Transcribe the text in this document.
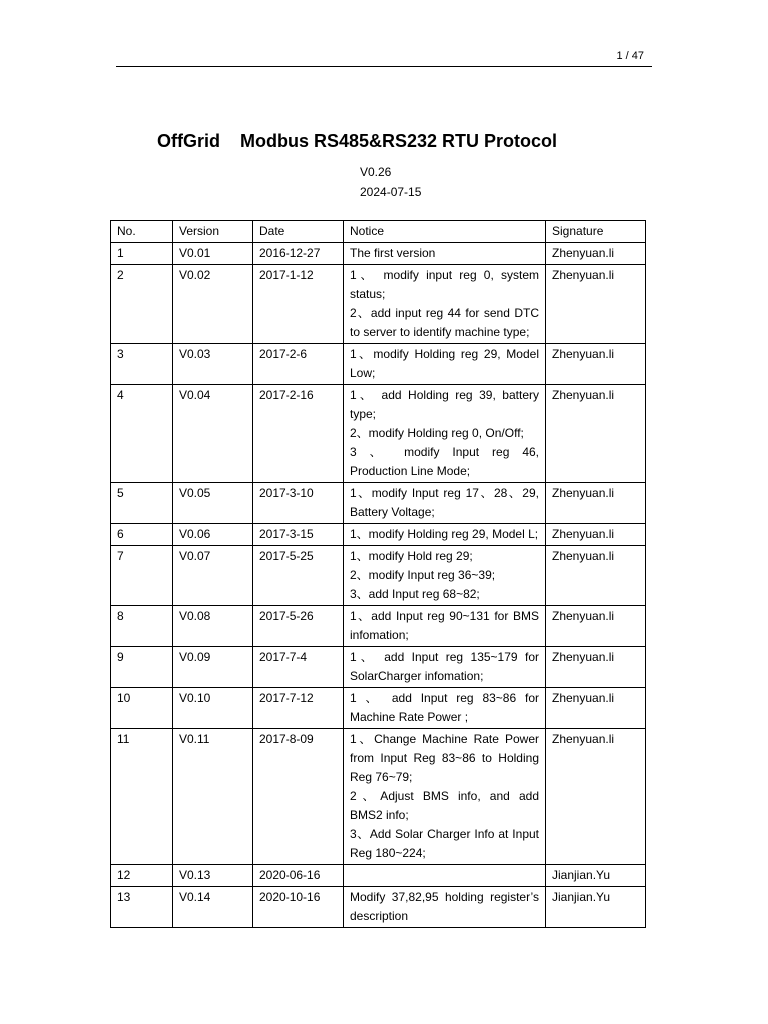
1 / 47
OffGrid    Modbus RS485&RS232 RTU Protocol
V0.26
2024-07-15
No.	Version	Date	Notice	Signature
1	V0.01	2016-12-27	The first version	Zhenyuan.li
2	V0.02	2017-1-12	1、 modify input reg 0, system status;
2、add input reg 44 for send DTC to server to identify machine type;	Zhenyuan.li
3	V0.03	2017-2-6	1、modify Holding reg 29, Model Low;	Zhenyuan.li
4	V0.04	2017-2-16	1、 add Holding reg 39, battery type;
2、modify Holding reg 0, On/Off;
3 、 modify Input reg 46, Production Line Mode;	Zhenyuan.li
5	V0.05	2017-3-10	1、modify Input reg 17、28、29, Battery Voltage;	Zhenyuan.li
6	V0.06	2017-3-15	1、modify Holding reg 29, Model L;	Zhenyuan.li
7	V0.07	2017-5-25	1、modify Hold reg 29;
2、modify Input reg 36~39;
3、add Input reg 68~82;	Zhenyuan.li
8	V0.08	2017-5-26	1、add Input reg 90~131 for BMS infomation;	Zhenyuan.li
9	V0.09	2017-7-4	1、 add Input reg 135~179 for SolarCharger infomation;	Zhenyuan.li
10	V0.10	2017-7-12	1 、 add Input reg 83~86 for Machine Rate Power ;	Zhenyuan.li
11	V0.11	2017-8-09	1、Change Machine Rate Power from Input Reg 83~86 to Holding Reg 76~79;
2、Adjust BMS info, and add BMS2 info;
3、Add Solar Charger Info at Input Reg 180~224;	Zhenyuan.li
12	V0.13	2020-06-16		Jianjian.Yu
13	V0.14	2020-10-16	Modify 37,82,95 holding register’s description	Jianjian.Yu
